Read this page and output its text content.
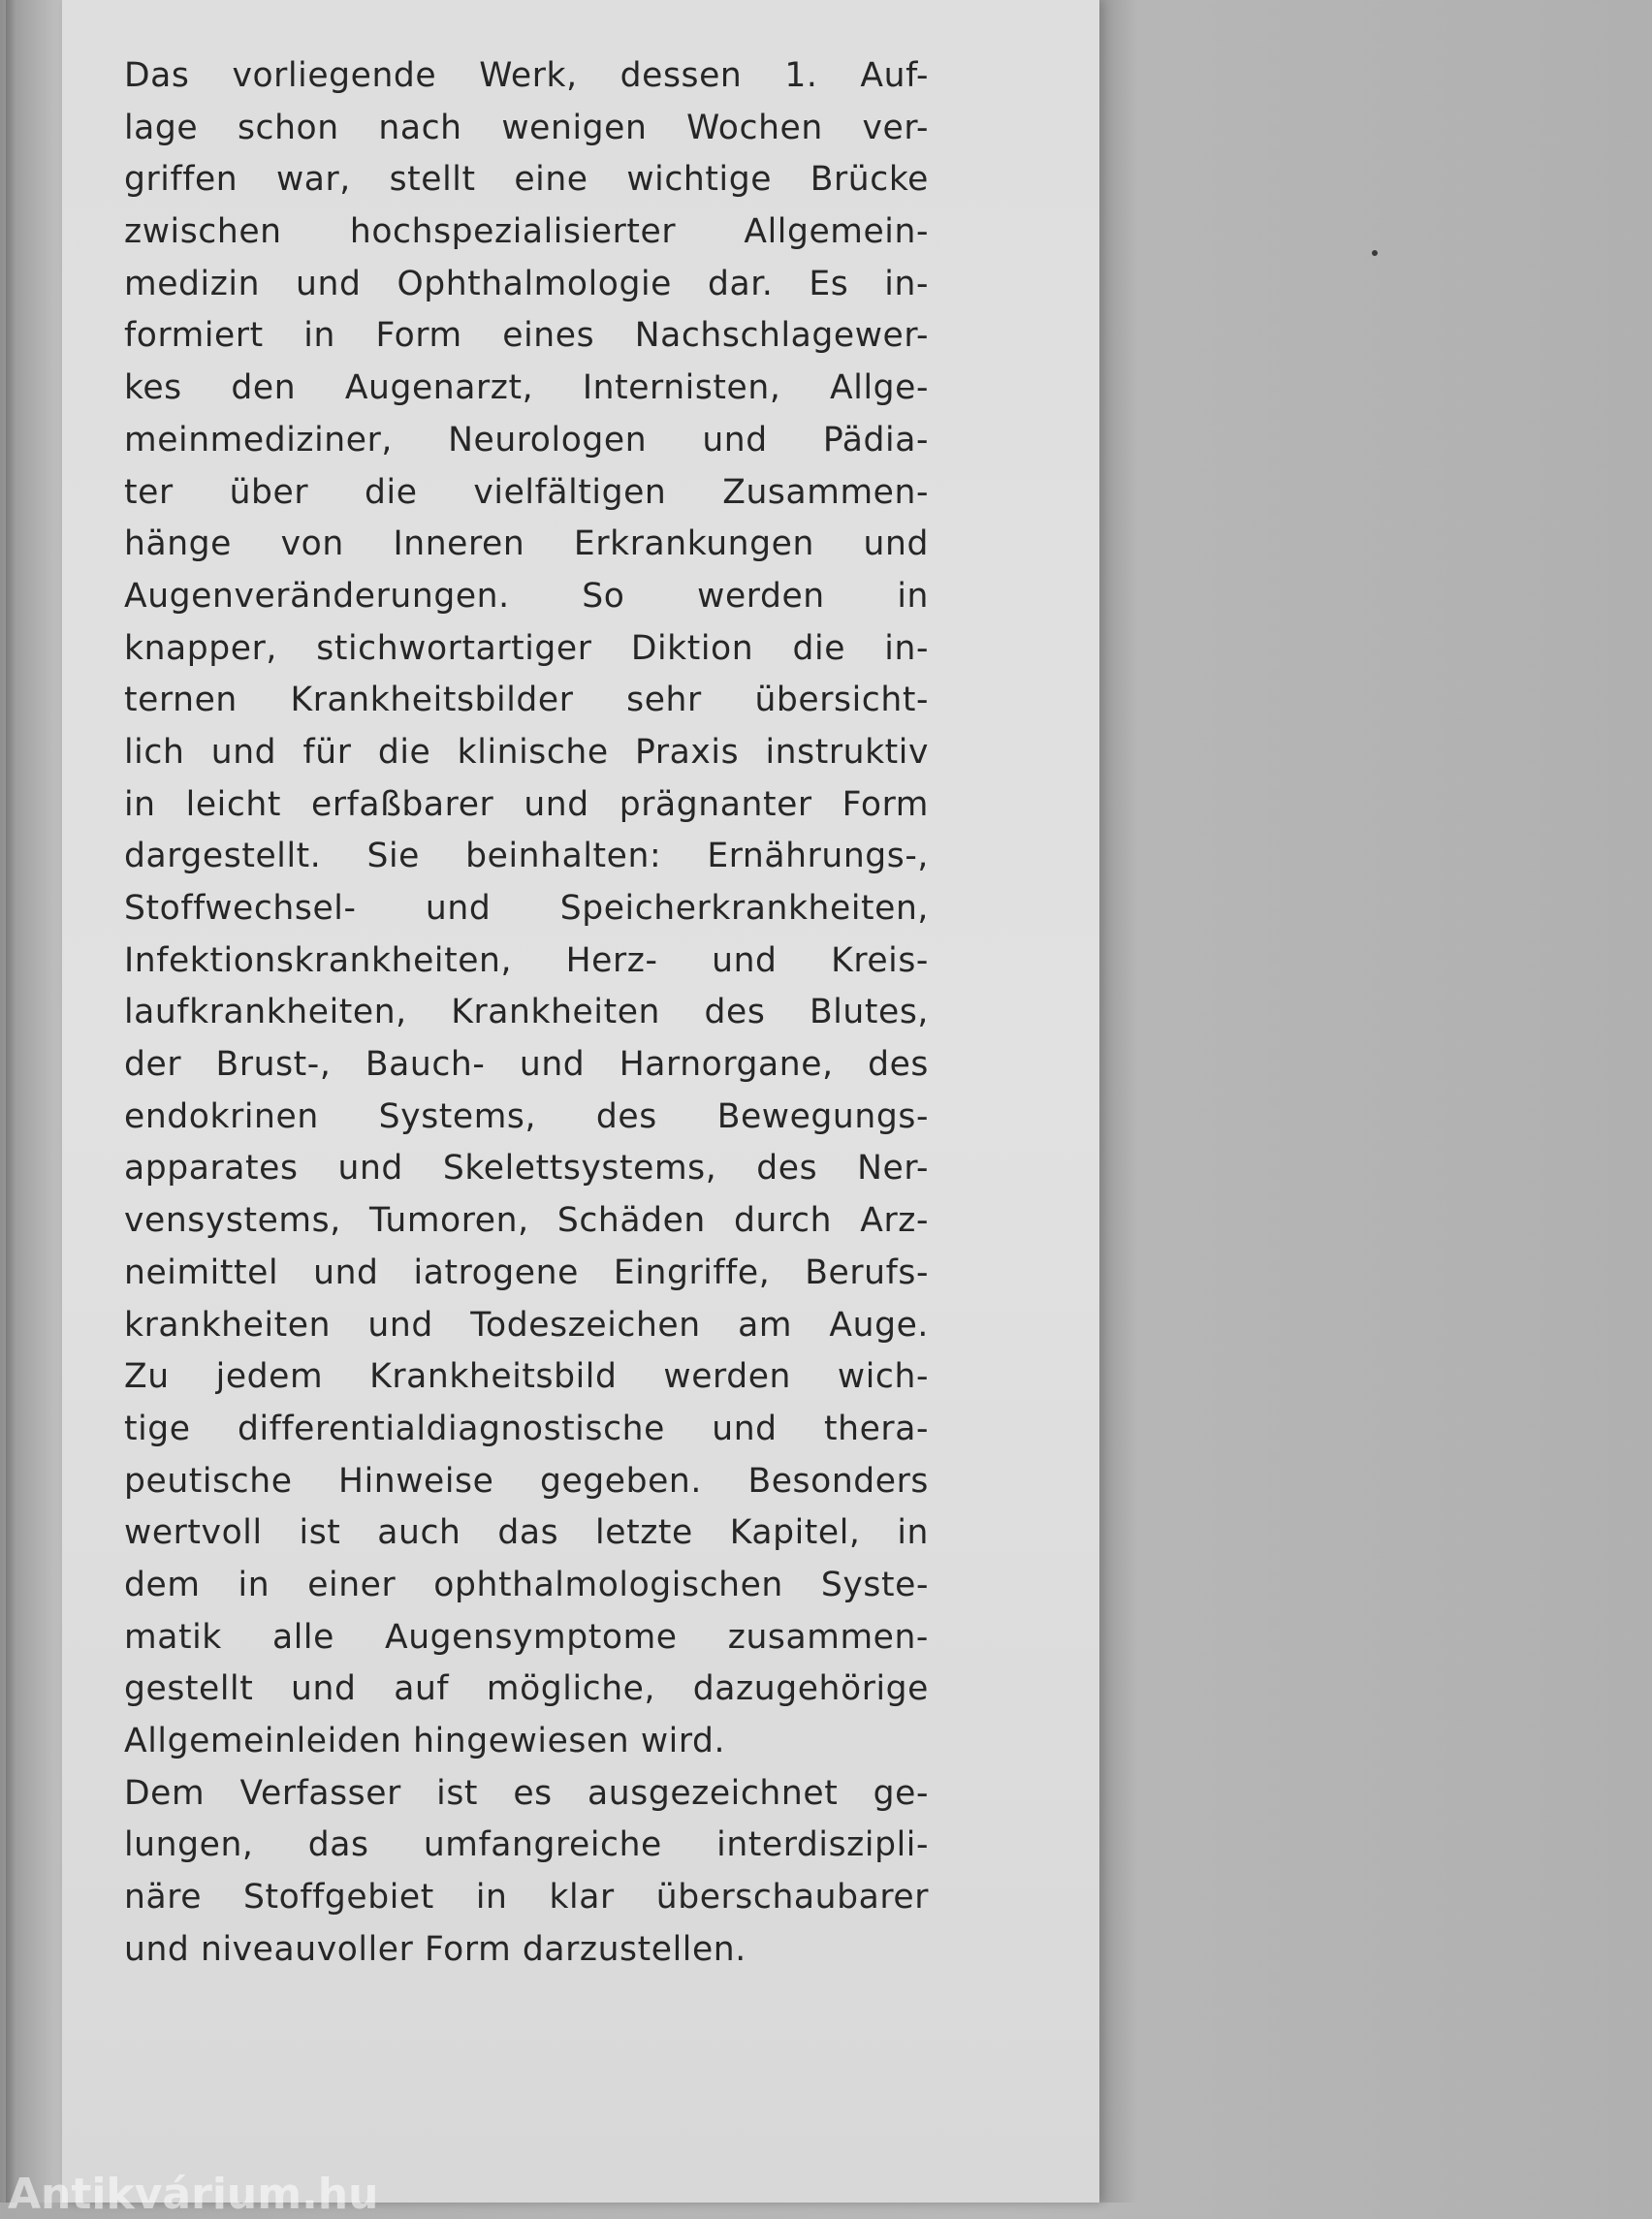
Das vorliegende Werk, dessen 1. Auf-
lage schon nach wenigen Wochen ver-
griffen war, stellt eine wichtige Brücke
zwischen hochspezialisierter Allgemein-
medizin und Ophthalmologie dar. Es in-
formiert in Form eines Nachschlagewer-
kes den Augenarzt, Internisten, Allge-
meinmediziner, Neurologen und Pädia-
ter über die vielfältigen Zusammen-
hänge von Inneren Erkrankungen und
Augenveränderungen. So werden in
knapper, stichwortartiger Diktion die in-
ternen Krankheitsbilder sehr übersicht-
lich und für die klinische Praxis instruktiv
in leicht erfaßbarer und prägnanter Form
dargestellt. Sie beinhalten: Ernährungs-,
Stoffwechsel- und Speicherkrankheiten,
Infektionskrankheiten, Herz- und Kreis-
laufkrankheiten, Krankheiten des Blutes,
der Brust-, Bauch- und Harnorgane, des
endokrinen Systems, des Bewegungs-
apparates und Skelettsystems, des Ner-
vensystems, Tumoren, Schäden durch Arz-
neimittel und iatrogene Eingriffe, Berufs-
krankheiten und Todeszeichen am Auge.
Zu jedem Krankheitsbild werden wich-
tige differentialdiagnostische und thera-
peutische Hinweise gegeben. Besonders
wertvoll ist auch das letzte Kapitel, in
dem in einer ophthalmologischen Syste-
matik alle Augensymptome zusammen-
gestellt und auf mögliche, dazugehörige
Allgemeinleiden hingewiesen wird.
Dem Verfasser ist es ausgezeichnet ge-
lungen, das umfangreiche interdiszipli-
näre Stoffgebiet in klar überschaubarer
und niveauvoller Form darzustellen.
Antikvárium.hu
